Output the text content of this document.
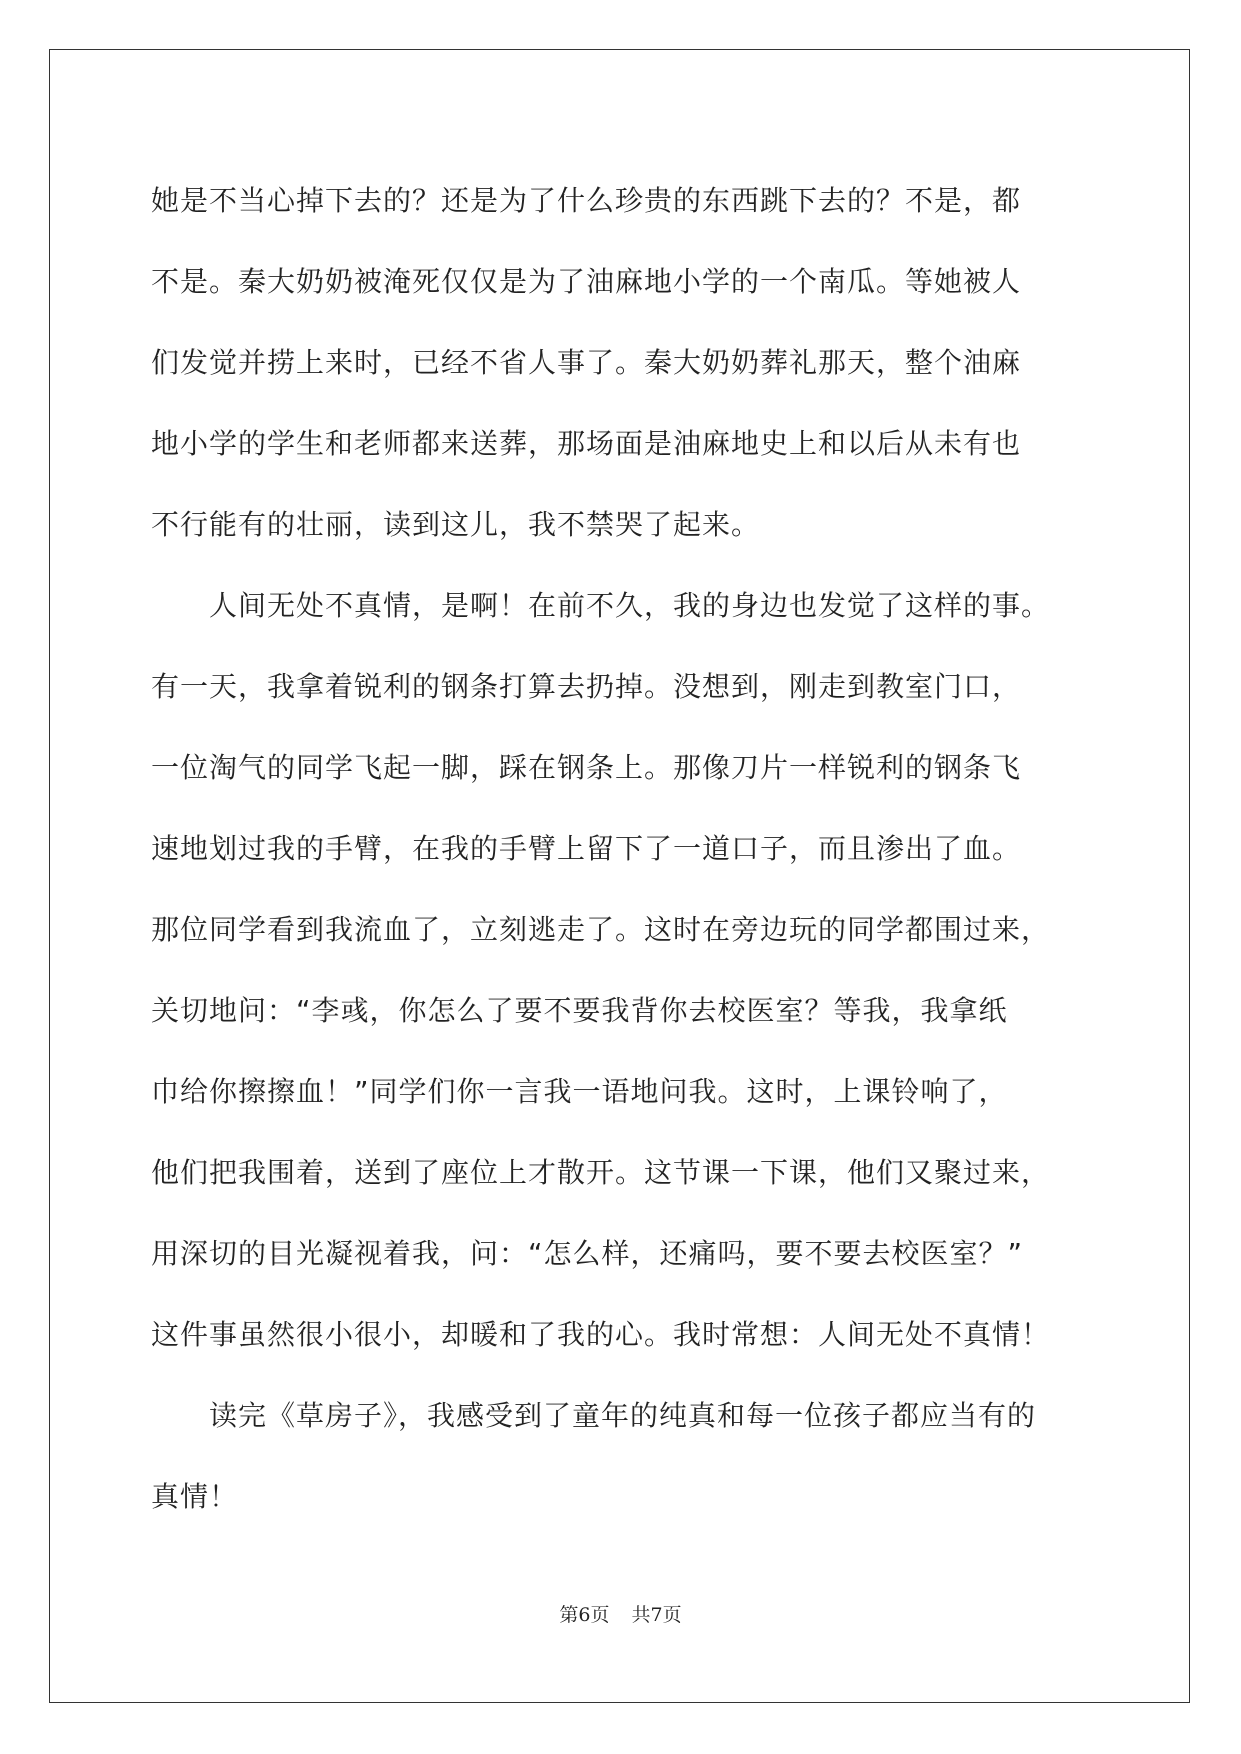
她是不当心掉下去的？还是为了什么珍贵的东西跳下去的？不是，都
不是。秦大奶奶被淹死仅仅是为了油麻地小学的一个南瓜。等她被人
们发觉并捞上来时，已经不省人事了。秦大奶奶葬礼那天，整个油麻
地小学的学生和老师都来送葬，那场面是油麻地史上和以后从未有也
不行能有的壮丽，读到这儿，我不禁哭了起来。

人间无处不真情，是啊！在前不久，我的身边也发觉了这样的事。
有一天，我拿着锐利的钢条打算去扔掉。没想到，刚走到教室门口，
一位淘气的同学飞起一脚，踩在钢条上。那像刀片一样锐利的钢条飞
速地划过我的手臂，在我的手臂上留下了一道口子，而且渗出了血。
那位同学看到我流血了，立刻逃走了。这时在旁边玩的同学都围过来，
关切地问：“李彧，你怎么了要不要我背你去校医室？等我，我拿纸
巾给你擦擦血！”同学们你一言我一语地问我。这时，上课铃响了，
他们把我围着，送到了座位上才散开。这节课一下课，他们又聚过来，
用深切的目光凝视着我，问：“怎么样，还痛吗，要不要去校医室？”
这件事虽然很小很小，却暖和了我的心。我时常想：人间无处不真情！

读完《草房子》，我感受到了童年的纯真和每一位孩子都应当有的
真情！

第6页 共7页
